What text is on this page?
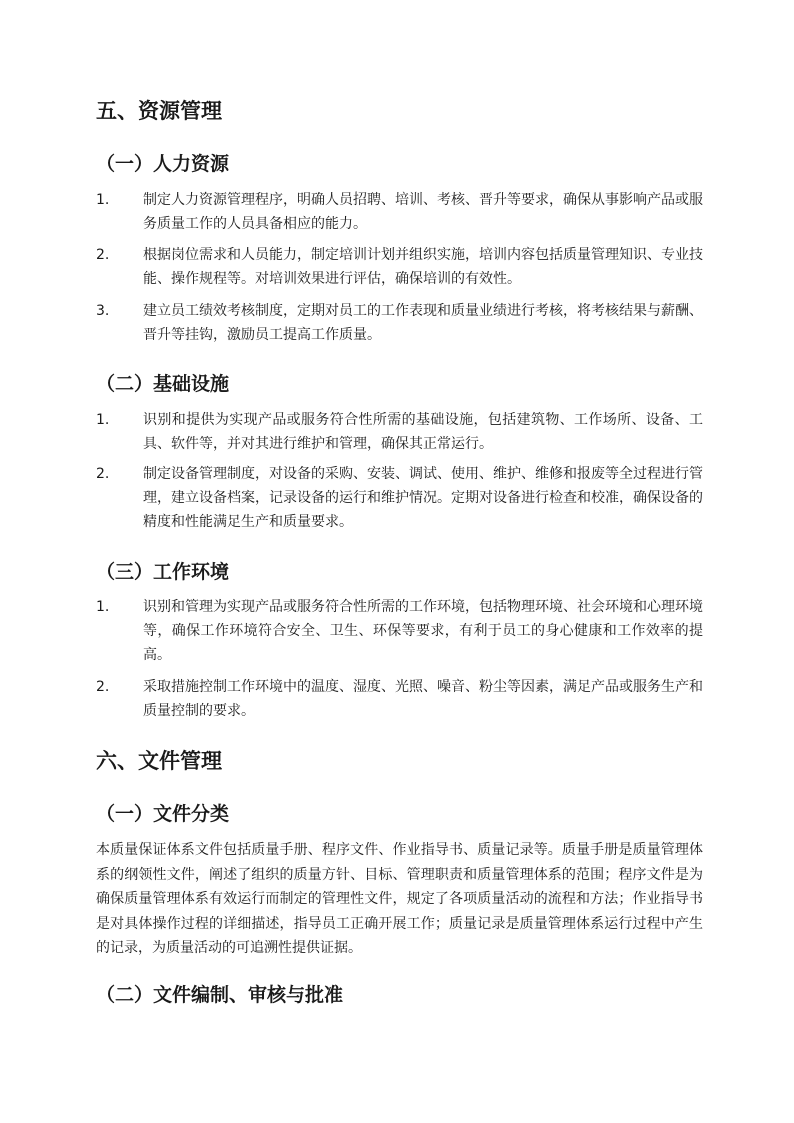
五、资源管理
（一）人力资源
1.	制定人力资源管理程序，明确人员招聘、培训、考核、晋升等要求，确保从事影响产品或服务质量工作的人员具备相应的能力。
2.	根据岗位需求和人员能力，制定培训计划并组织实施，培训内容包括质量管理知识、专业技能、操作规程等。对培训效果进行评估，确保培训的有效性。
3.	建立员工绩效考核制度，定期对员工的工作表现和质量业绩进行考核，将考核结果与薪酬、晋升等挂钩，激励员工提高工作质量。
（二）基础设施
1.	识别和提供为实现产品或服务符合性所需的基础设施，包括建筑物、工作场所、设备、工具、软件等，并对其进行维护和管理，确保其正常运行。
2.	制定设备管理制度，对设备的采购、安装、调试、使用、维护、维修和报废等全过程进行管理，建立设备档案，记录设备的运行和维护情况。定期对设备进行检查和校准，确保设备的精度和性能满足生产和质量要求。
（三）工作环境
1.	识别和管理为实现产品或服务符合性所需的工作环境，包括物理环境、社会环境和心理环境等，确保工作环境符合安全、卫生、环保等要求，有利于员工的身心健康和工作效率的提高。
2.	采取措施控制工作环境中的温度、湿度、光照、噪音、粉尘等因素，满足产品或服务生产和质量控制的要求。
六、文件管理
（一）文件分类
本质量保证体系文件包括质量手册、程序文件、作业指导书、质量记录等。质量手册是质量管理体系的纲领性文件，阐述了组织的质量方针、目标、管理职责和质量管理体系的范围；程序文件是为确保质量管理体系有效运行而制定的管理性文件，规定了各项质量活动的流程和方法；作业指导书是对具体操作过程的详细描述，指导员工正确开展工作；质量记录是质量管理体系运行过程中产生的记录，为质量活动的可追溯性提供证据。
（二）文件编制、审核与批准
